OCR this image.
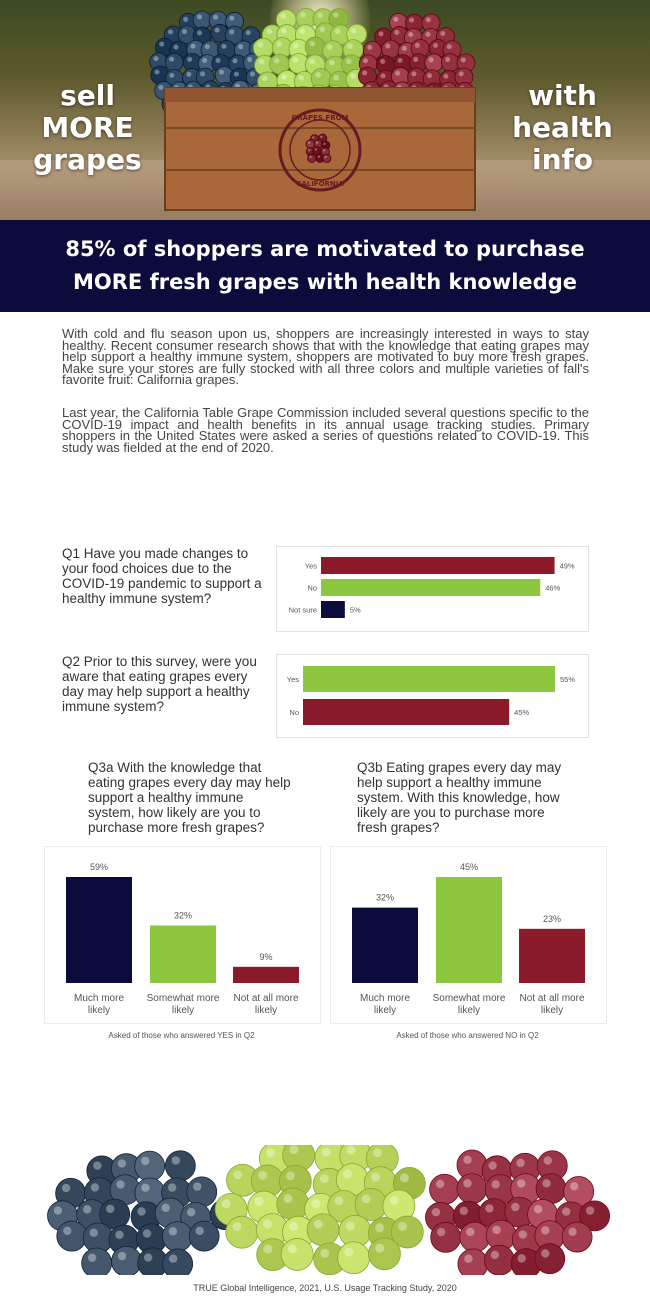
GRAPES FROM
CALIFORNIA
sell
MORE
grapes
with
health
info
85% of shoppers are motivated to purchase
MORE fresh grapes with health knowledge
With cold and flu season upon us, shoppers are increasingly interested in ways to stay healthy. Recent consumer research shows that with the knowledge that eating grapes may help support a healthy immune system, shoppers are motivated to buy more fresh grapes. Make sure your stores are fully stocked with all three colors and multiple varieties of fall's favorite fruit: California grapes.
Last year, the California Table Grape Commission included several questions specific to the COVID-19 impact and health benefits in its annual usage tracking studies. Primary shoppers in the United States were asked a series of questions related to COVID-19. This study was fielded at the end of 2020.
Q1 Have you made changes to your food choices due to the COVID-19 pandemic to support a healthy immune system?
Yes	49%
No	46%
Not sure	5%
Q2 Prior to this survey, were you aware that eating grapes every day may help support a healthy immune system?
Yes	55%
No	45%
Q3a With the knowledge that eating grapes every day may help support a healthy immune system, how likely are you to purchase more fresh grapes?
Q3b Eating grapes every day may help support a healthy immune system. With this knowledge, how likely are you to purchase more fresh grapes?
59%
Much more
likely
32%
Somewhat more
likely
9%
Not at all more
likely
32%
Much more
likely
45%
Somewhat more
likely
23%
Not at all more
likely
Asked of those who answered YES in Q2	Asked of those who answered NO in Q2
TRUE Global Intelligence, 2021, U.S. Usage Tracking Study, 2020
